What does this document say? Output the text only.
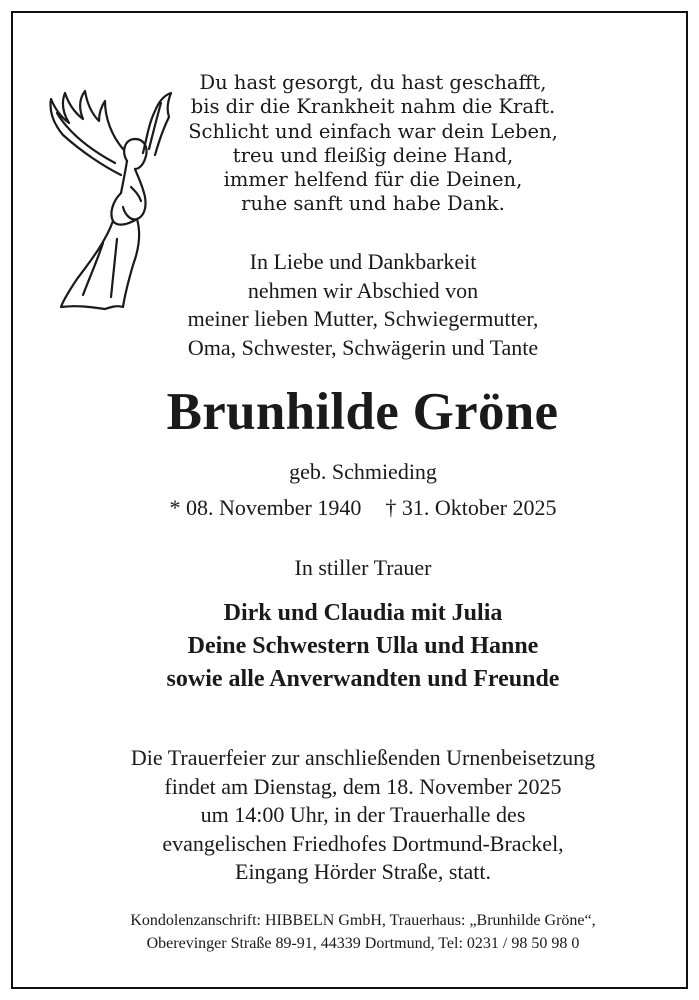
Du hast gesorgt, du hast geschafft,
bis dir die Krankheit nahm die Kraft.
Schlicht und einfach war dein Leben,
treu und fleißig deine Hand,
immer helfend für die Deinen,
ruhe sanft und habe Dank.
In Liebe und Dankbarkeit
nehmen wir Abschied von
meiner lieben Mutter, Schwiegermutter,
Oma, Schwester, Schwägerin und Tante
Brunhilde Gröne
geb. Schmieding
* 08. November 1940 † 31. Oktober 2025
In stiller Trauer
Dirk und Claudia mit Julia
Deine Schwestern Ulla und Hanne
sowie alle Anverwandten und Freunde
Die Trauerfeier zur anschließenden Urnenbeisetzung
findet am Dienstag, dem 18. November 2025
um 14:00 Uhr, in der Trauerhalle des
evangelischen Friedhofes Dortmund-Brackel,
Eingang Hörder Straße, statt.
Kondolenzanschrift: HIBBELN GmbH, Trauerhaus: „Brunhilde Gröne“,
Oberevinger Straße 89-91, 44339 Dortmund, Tel: 0231 / 98 50 98 0
